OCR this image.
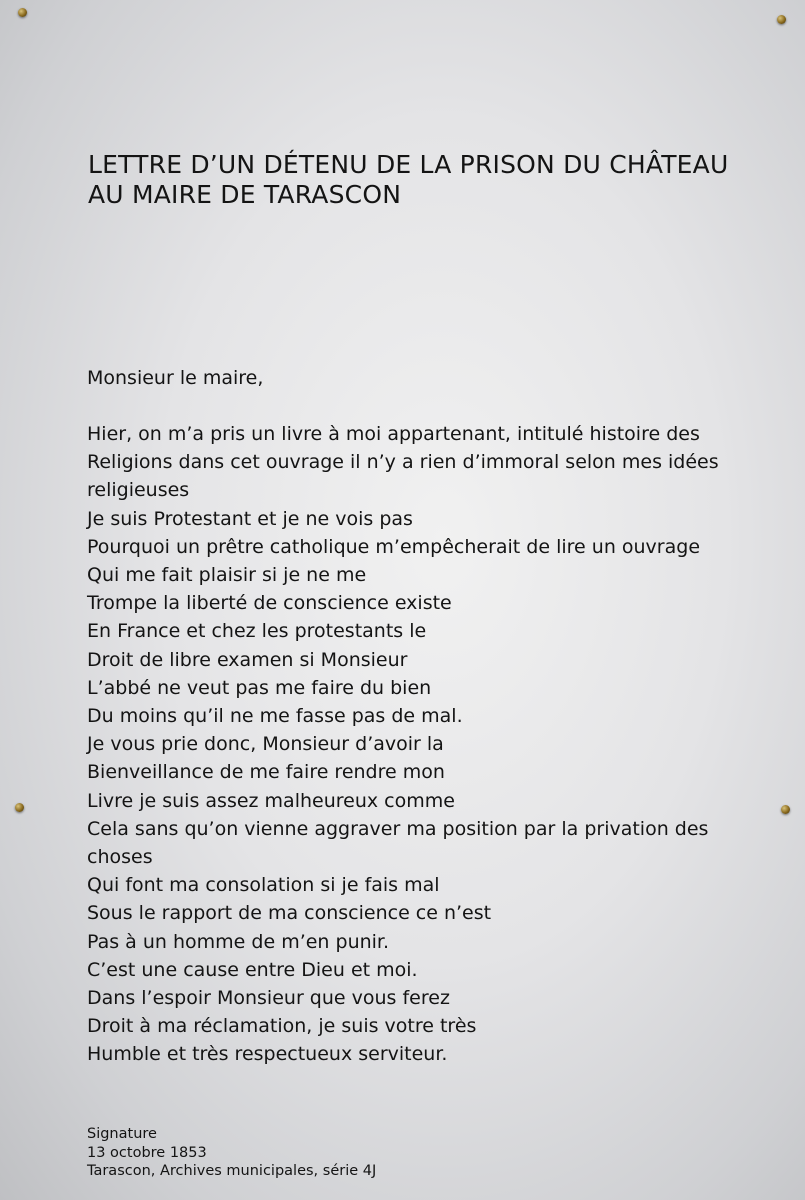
LETTRE D’UN DÉTENU DE LA PRISON DU CHÂTEAU
AU MAIRE DE TARASCON

Monsieur le maire,

Hier, on m’a pris un livre à moi appartenant, intitulé histoire des
Religions dans cet ouvrage il n’y a rien d’immoral selon mes idées
religieuses
Je suis Protestant et je ne vois pas
Pourquoi un prêtre catholique m’empêcherait de lire un ouvrage
Qui me fait plaisir si je ne me
Trompe la liberté de conscience existe
En France et chez les protestants le
Droit de libre examen si Monsieur
L’abbé ne veut pas me faire du bien
Du moins qu’il ne me fasse pas de mal.
Je vous prie donc, Monsieur d’avoir la
Bienveillance de me faire rendre mon
Livre je suis assez malheureux comme
Cela sans qu’on vienne aggraver ma position par la privation des
choses
Qui font ma consolation si je fais mal
Sous le rapport de ma conscience ce n’est
Pas à un homme de m’en punir.
C’est une cause entre Dieu et moi.
Dans l’espoir Monsieur que vous ferez
Droit à ma réclamation, je suis votre très
Humble et très respectueux serviteur.
Signature
13 octobre 1853
Tarascon, Archives municipales, série 4J
